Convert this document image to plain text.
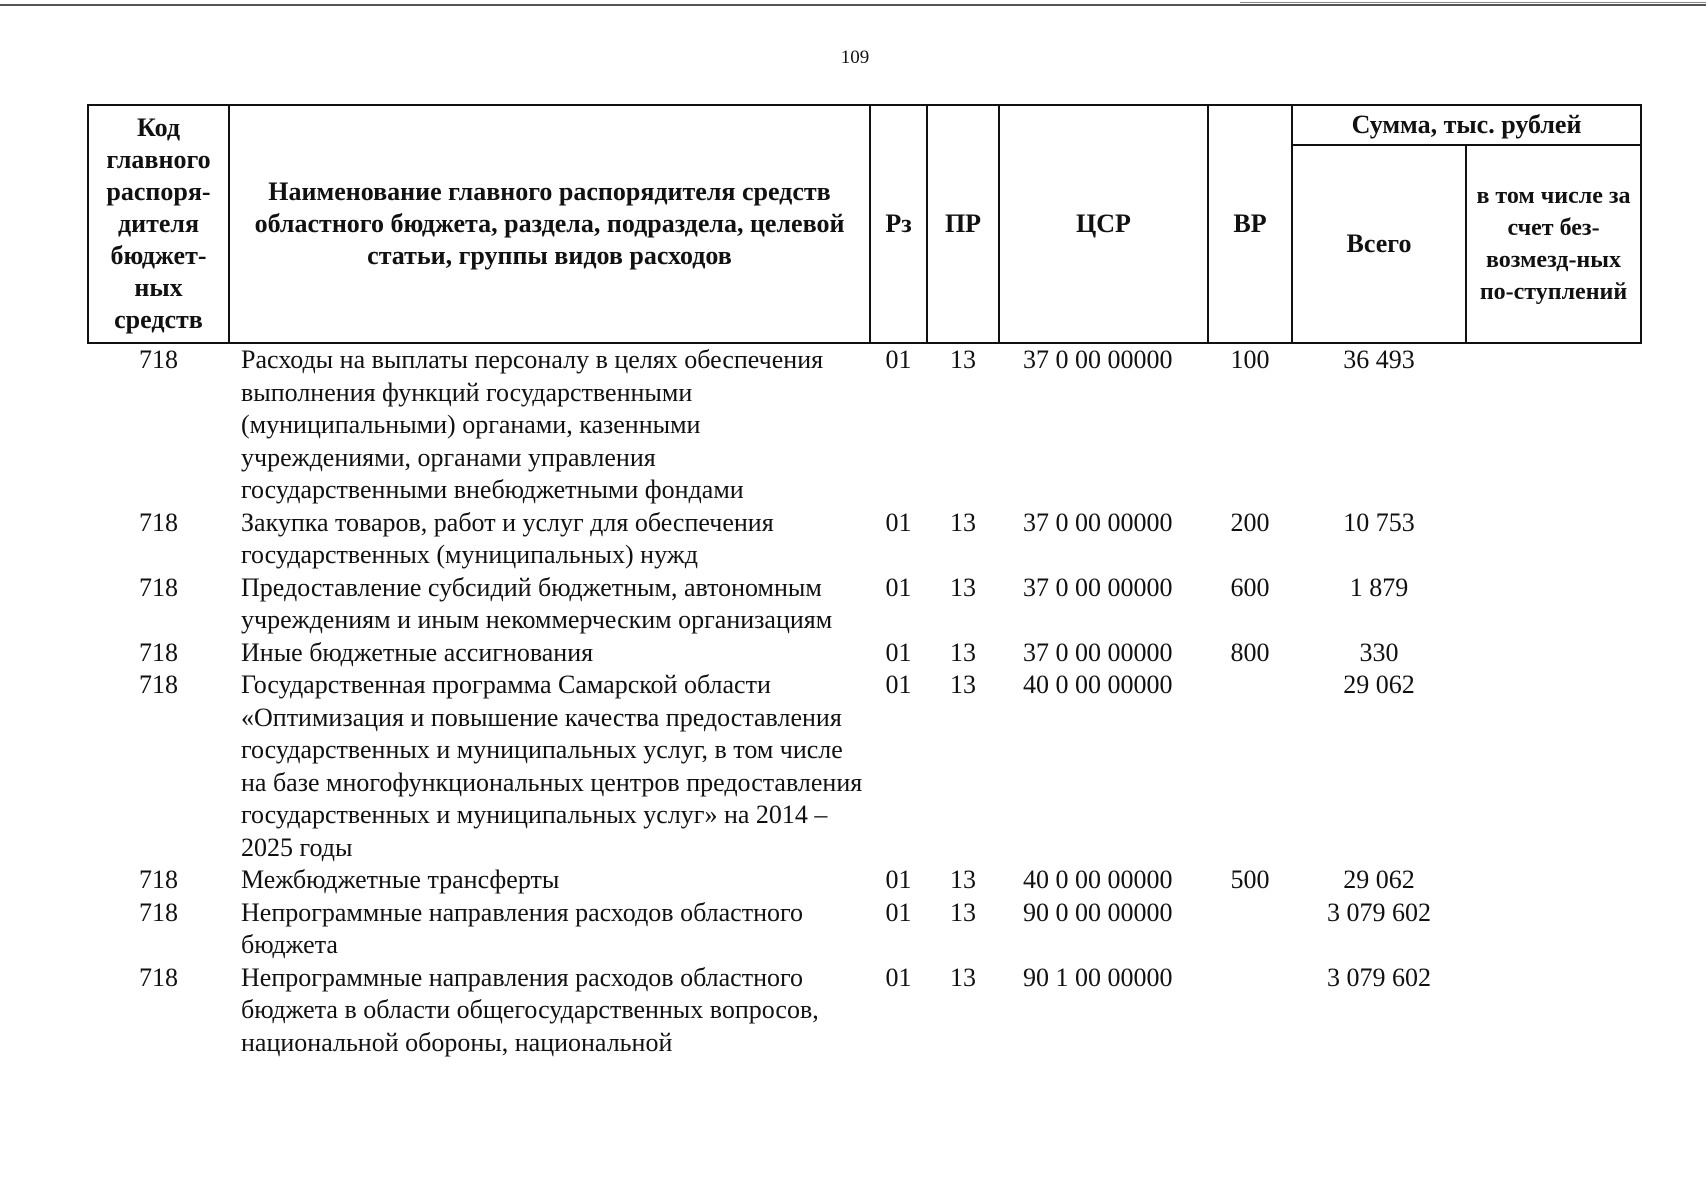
109
Код главного распоря-дителя бюджет-ных средств	Наименование главного распорядителя средств областного бюджета, раздела, подраздела, целевой статьи, группы видов расходов	Рз	ПР	ЦСР	ВР	Сумма, тыс. рублей	
						Всего	в том числе за счет без-возмезд-ных по-ступлений
718	Расходы на выплаты персоналу в целях обеспечения выполнения функций государственными (муниципальными) органами, казенными учреждениями, органами управления государственными внебюджетными фондами	01	13	37 0 00 00000	100	36 493	
718	Закупка товаров, работ и услуг для обеспечения государственных (муниципальных) нужд	01	13	37 0 00 00000	200	10 753	
718	Предоставление субсидий бюджетным, автономным учреждениям и иным некоммерческим организациям	01	13	37 0 00 00000	600	1 879	
718	Иные бюджетные ассигнования	01	13	37 0 00 00000	800	330	
718	Государственная программа Самарской области «Оптимизация и повышение качества предоставления государственных и муниципальных услуг, в том числе на базе многофункциональных центров предоставления государственных и муниципальных услуг» на 2014 – 2025 годы	01	13	40 0 00 00000		29 062	
718	Межбюджетные трансферты	01	13	40 0 00 00000	500	29 062	
718	Непрограммные направления расходов областного бюджета	01	13	90 0 00 00000		3 079 602	
718	Непрограммные направления расходов областного бюджета в области общегосударственных вопросов, национальной обороны, национальной	01	13	90 1 00 00000		3 079 602	
